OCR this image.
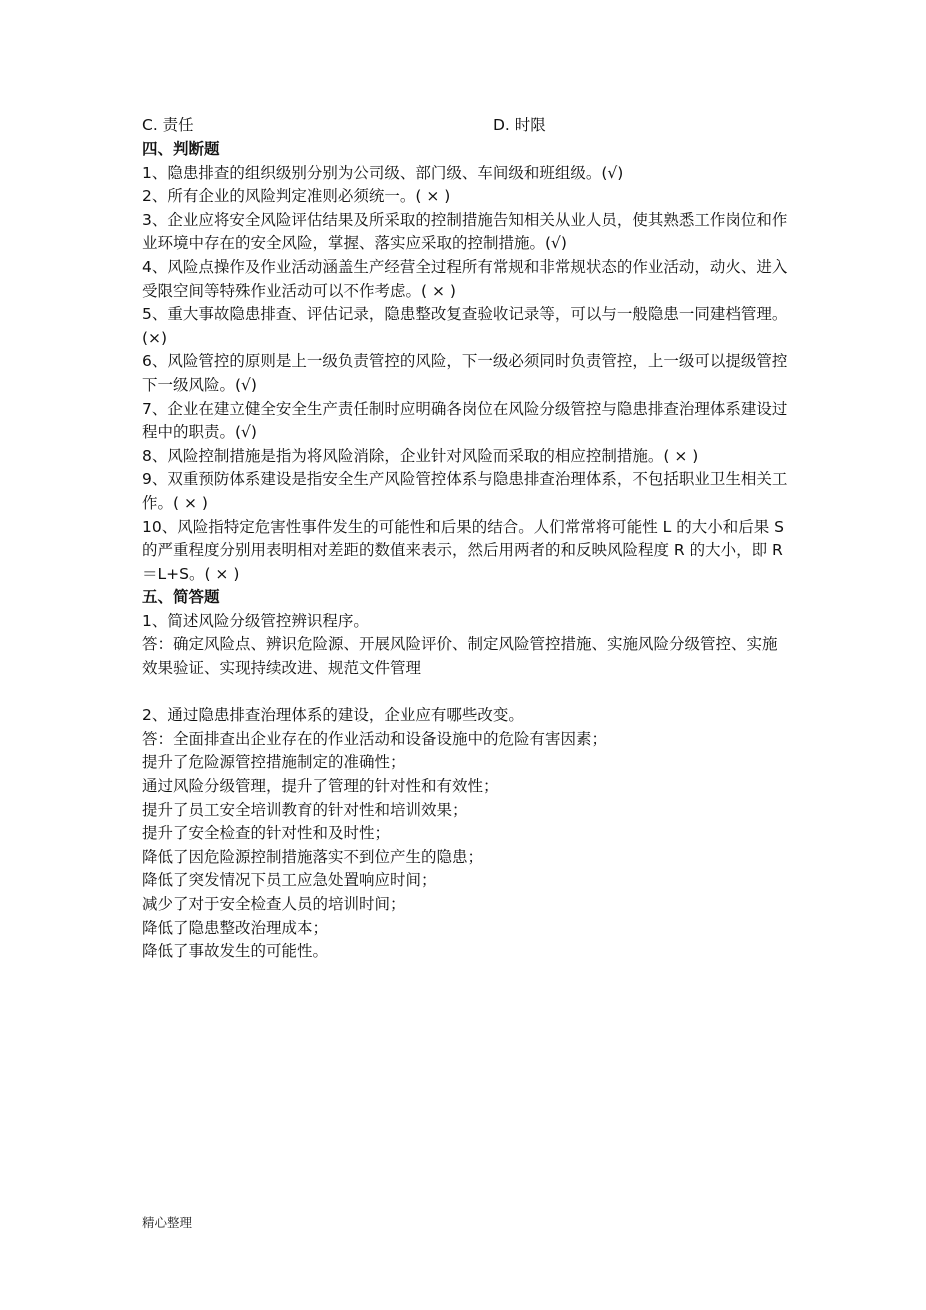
C. 责任	D. 时限
四、判断题
1、隐患排查的组织级别分别为公司级、部门级、车间级和班组级。(√)
2、所有企业的风险判定准则必须统一。( × )
3、企业应将安全风险评估结果及所采取的控制措施告知相关从业人员，使其熟悉工作岗位和作业环境中存在的安全风险，掌握、落实应采取的控制措施。(√)
4、风险点操作及作业活动涵盖生产经营全过程所有常规和非常规状态的作业活动，动火、进入受限空间等特殊作业活动可以不作考虑。( × )
5、重大事故隐患排查、评估记录，隐患整改复查验收记录等，可以与一般隐患一同建档管理。(×)
6、风险管控的原则是上一级负责管控的风险，下一级必须同时负责管控，上一级可以提级管控下一级风险。(√)
7、企业在建立健全安全生产责任制时应明确各岗位在风险分级管控与隐患排查治理体系建设过程中的职责。(√)
8、风险控制措施是指为将风险消除，企业针对风险而采取的相应控制措施。( × )
9、双重预防体系建设是指安全生产风险管控体系与隐患排查治理体系，不包括职业卫生相关工作。( × )
10、风险指特定危害性事件发生的可能性和后果的结合。人们常常将可能性 L 的大小和后果 S 的严重程度分别用表明相对差距的数值来表示，然后用两者的和反映风险程度 R 的大小，即 R＝L+S。( × )
五、简答题
1、简述风险分级管控辨识程序。
答：确定风险点、辨识危险源、开展风险评价、制定风险管控措施、实施风险分级管控、实施效果验证、实现持续改进、规范文件管理
2、通过隐患排查治理体系的建设，企业应有哪些改变。
答：全面排查出企业存在的作业活动和设备设施中的危险有害因素；
提升了危险源管控措施制定的准确性；
通过风险分级管理，提升了管理的针对性和有效性；
提升了员工安全培训教育的针对性和培训效果；
提升了安全检查的针对性和及时性；
降低了因危险源控制措施落实不到位产生的隐患；
降低了突发情况下员工应急处置响应时间；
减少了对于安全检查人员的培训时间；
降低了隐患整改治理成本；
降低了事故发生的可能性。
精心整理
